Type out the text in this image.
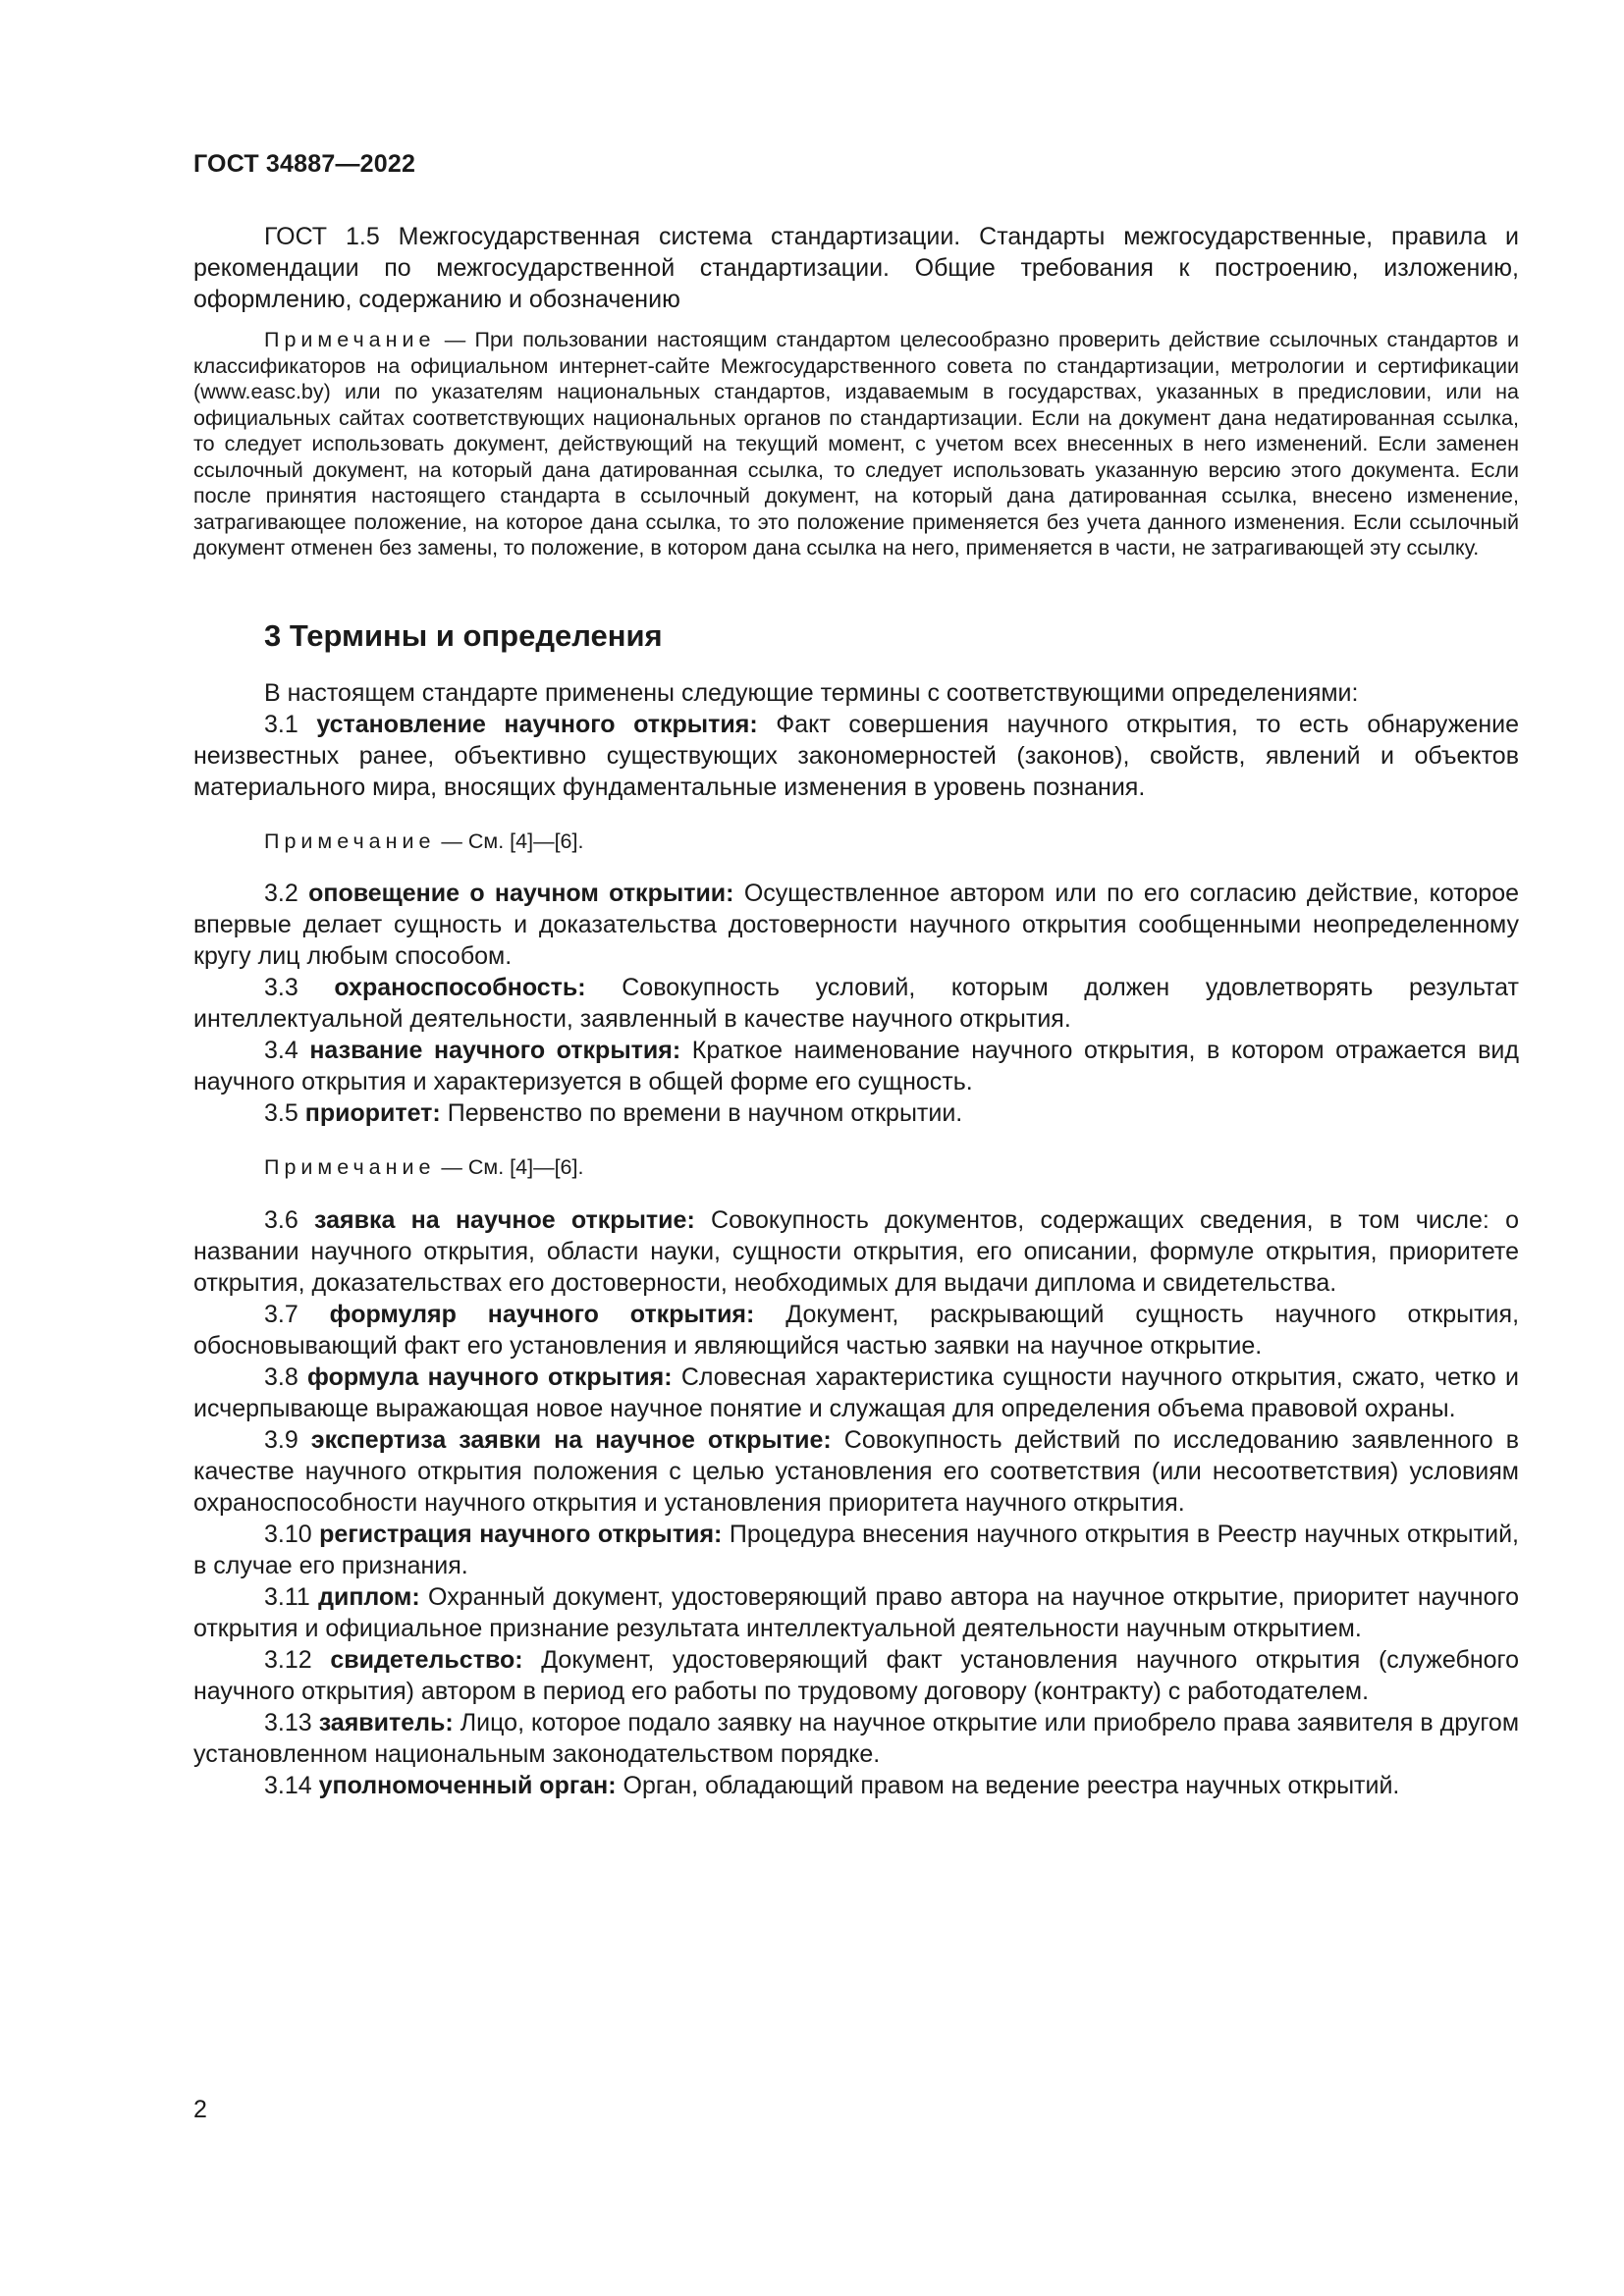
ГОСТ 34887—2022

ГОСТ 1.5 Межгосударственная система стандартизации. Стандарты межгосударственные, правила и рекомендации по межгосударственной стандартизации. Общие требования к построению, изложению, оформлению, содержанию и обозначению

Примечание — При пользовании настоящим стандартом целесообразно проверить действие ссылочных стандартов и классификаторов на официальном интернет-сайте Межгосударственного совета по стандартизации, метрологии и сертификации (www.easc.by) или по указателям национальных стандартов, издаваемым в государствах, указанных в предисловии, или на официальных сайтах соответствующих национальных органов по стандартизации. Если на документ дана недатированная ссылка, то следует использовать документ, действующий на текущий момент, с учетом всех внесенных в него изменений. Если заменен ссылочный документ, на который дана датированная ссылка, то следует использовать указанную версию этого документа. Если после принятия настоящего стандарта в ссылочный документ, на который дана датированная ссылка, внесено изменение, затрагивающее положение, на которое дана ссылка, то это положение применяется без учета данного изменения. Если ссылочный документ отменен без замены, то положение, в котором дана ссылка на него, применяется в части, не затрагивающей эту ссылку.

3 Термины и определения

В настоящем стандарте применены следующие термины с соответствующими определениями:

3.1 установление научного открытия: Факт совершения научного открытия, то есть обнаружение неизвестных ранее, объективно существующих закономерностей (законов), свойств, явлений и объектов материального мира, вносящих фундаментальные изменения в уровень познания.

Примечание — См. [4]—[6].

3.2 оповещение о научном открытии: Осуществленное автором или по его согласию действие, которое впервые делает сущность и доказательства достоверности научного открытия сообщенными неопределенному кругу лиц любым способом.

3.3 охраноспособность: Совокупность условий, которым должен удовлетворять результат интеллектуальной деятельности, заявленный в качестве научного открытия.

3.4 название научного открытия: Краткое наименование научного открытия, в котором отражается вид научного открытия и характеризуется в общей форме его сущность.

3.5 приоритет: Первенство по времени в научном открытии.

Примечание — См. [4]—[6].

3.6 заявка на научное открытие: Совокупность документов, содержащих сведения, в том числе: о названии научного открытия, области науки, сущности открытия, его описании, формуле открытия, приоритете открытия, доказательствах его достоверности, необходимых для выдачи диплома и свидетельства.

3.7 формуляр научного открытия: Документ, раскрывающий сущность научного открытия, обосновывающий факт его установления и являющийся частью заявки на научное открытие.

3.8 формула научного открытия: Словесная характеристика сущности научного открытия, сжато, четко и исчерпывающе выражающая новое научное понятие и служащая для определения объема правовой охраны.

3.9 экспертиза заявки на научное открытие: Совокупность действий по исследованию заявленного в качестве научного открытия положения с целью установления его соответствия (или несоответствия) условиям охраноспособности научного открытия и установления приоритета научного открытия.

3.10 регистрация научного открытия: Процедура внесения научного открытия в Реестр научных открытий, в случае его признания.

3.11 диплом: Охранный документ, удостоверяющий право автора на научное открытие, приоритет научного открытия и официальное признание результата интеллектуальной деятельности научным открытием.

3.12 свидетельство: Документ, удостоверяющий факт установления научного открытия (служебного научного открытия) автором в период его работы по трудовому договору (контракту) с работодателем.

3.13 заявитель: Лицо, которое подало заявку на научное открытие или приобрело права заявителя в другом установленном национальным законодательством порядке.

3.14 уполномоченный орган: Орган, обладающий правом на ведение реестра научных открытий.

2
